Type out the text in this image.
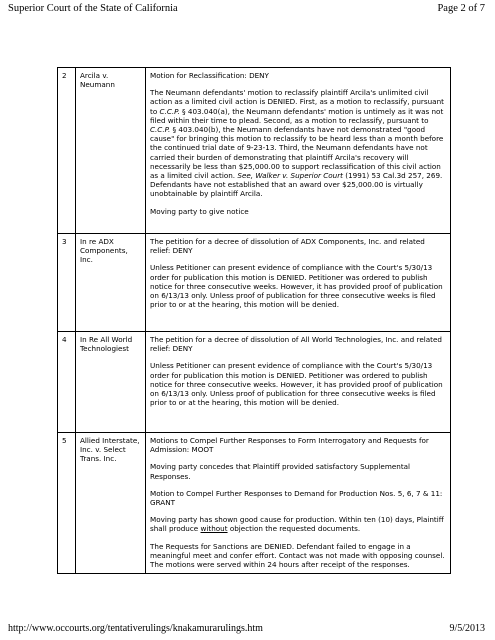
Superior Court of the State of California	Page 2 of 7
2	Arcila v. Neumann	Motion for Reclassification: DENY
The Neumann defendants' motion to reclassify plaintiff Arcila's unlimited civil action as a limited civil action is DENIED. First, as a motion to reclassify, pursuant to C.C.P. § 403.040(a), the Neumann defendants' motion is untimely as it was not filed within their time to plead. Second, as a motion to reclassify, pursuant to C.C.P. § 403.040(b), the Neumann defendants have not demonstrated "good cause" for bringing this motion to reclassify to be heard less than a month before the continued trial date of 9-23-13. Third, the Neumann defendants have not carried their burden of demonstrating that plaintiff Arcila's recovery will necessarily be less than $25,000.00 to support reclassification of this civil action as a limited civil action. See, Walker v. Superior Court (1991) 53 Cal.3d 257, 269. Defendants have not established that an award over $25,000.00 is virtually unobtainable by plaintiff Arcila.
Moving party to give notice

3	In re ADX Components, Inc.	The petition for a decree of dissolution of ADX Components, Inc. and related relief: DENY
Unless Petitioner can present evidence of compliance with the Court's 5/30/13 order for publication this motion is DENIED. Petitioner was ordered to publish notice for three consecutive weeks. However, it has provided proof of publication on 6/13/13 only. Unless proof of publication for three consecutive weeks is filed prior to or at the hearing, this motion will be denied.

4	In Re All World Technologiest	The petition for a decree of dissolution of All World Technologies, Inc. and related relief: DENY
Unless Petitioner can present evidence of compliance with the Court's 5/30/13 order for publication this motion is DENIED. Petitioner was ordered to publish notice for three consecutive weeks. However, it has provided proof of publication on 6/13/13 only. Unless proof of publication for three consecutive weeks is filed prior to or at the hearing, this motion will be denied.

5	Allied Interstate, Inc. v. Select Trans. Inc.	Motions to Compel Further Responses to Form Interrogatory and Requests for Admission: MOOT
Moving party concedes that Plaintiff provided satisfactory Supplemental Responses.
Motion to Compel Further Responses to Demand for Production Nos. 5, 6, 7 & 11: GRANT
Moving party has shown good cause for production. Within ten (10) days, Plaintiff shall produce without objection the requested documents.
The Requests for Sanctions are DENIED. Defendant failed to engage in a meaningful meet and confer effort. Contact was not made with opposing counsel. The motions were served within 24 hours after receipt of the responses.
http://www.occourts.org/tentativerulings/knakamurarulings.htm	9/5/2013
